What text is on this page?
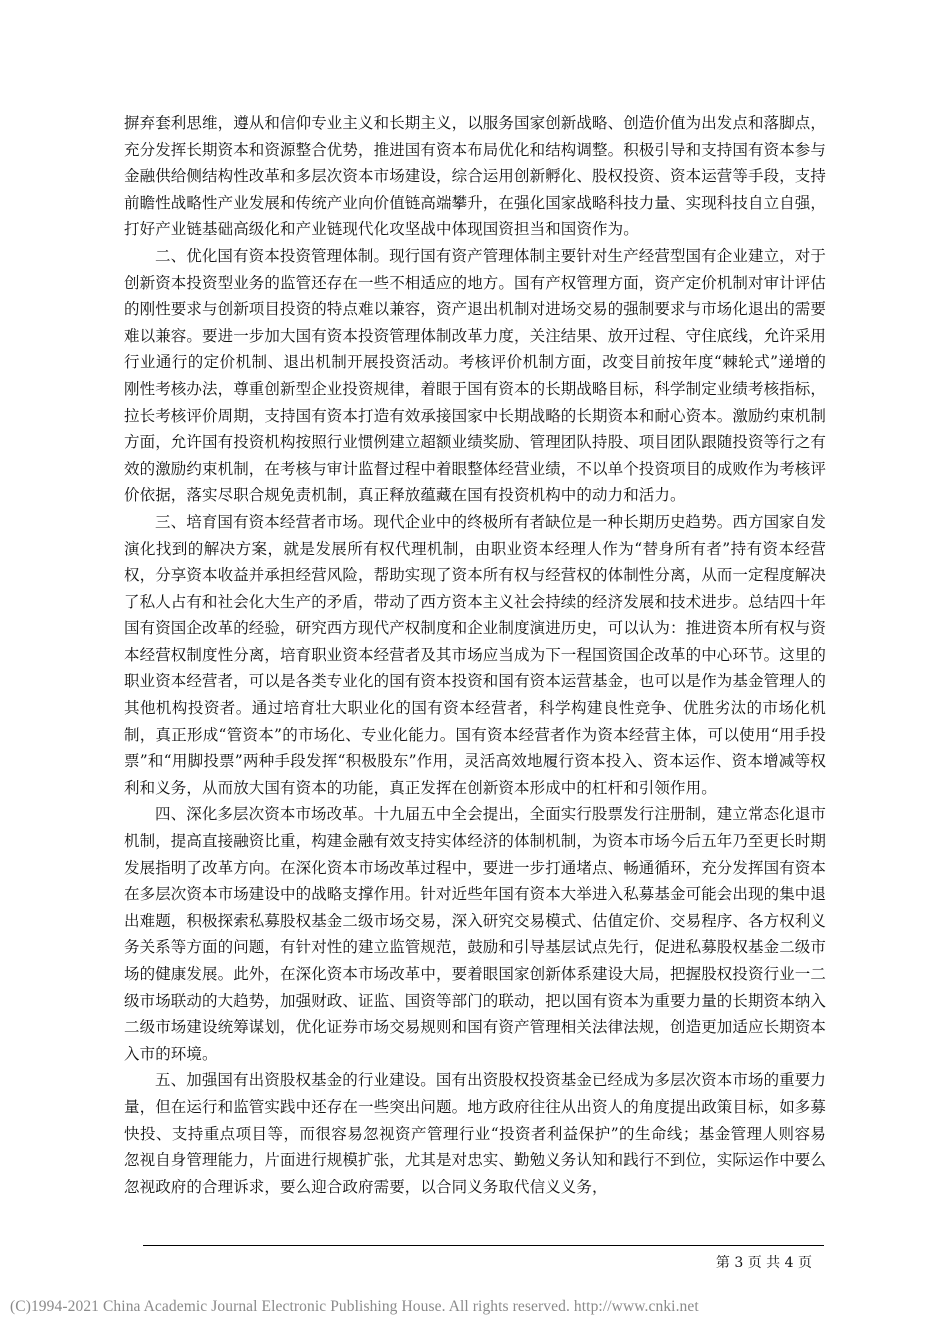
摒弃套利思维，遵从和信仰专业主义和长期主义，以服务国家创新战略、创造价值为出发点和落脚点，充分发挥长期资本和资源整合优势，推进国有资本布局优化和结构调整。积极引导和支持国有资本参与金融供给侧结构性改革和多层次资本市场建设，综合运用创新孵化、股权投资、资本运营等手段，支持前瞻性战略性产业发展和传统产业向价值链高端攀升，在强化国家战略科技力量、实现科技自立自强，打好产业链基础高级化和产业链现代化攻坚战中体现国资担当和国资作为。

二、优化国有资本投资管理体制。现行国有资产管理体制主要针对生产经营型国有企业建立，对于创新资本投资型业务的监管还存在一些不相适应的地方。国有产权管理方面，资产定价机制对审计评估的刚性要求与创新项目投资的特点难以兼容，资产退出机制对进场交易的强制要求与市场化退出的需要难以兼容。要进一步加大国有资本投资管理体制改革力度，关注结果、放开过程、守住底线，允许采用行业通行的定价机制、退出机制开展投资活动。考核评价机制方面，改变目前按年度“棘轮式”递增的刚性考核办法，尊重创新型企业投资规律，着眼于国有资本的长期战略目标，科学制定业绩考核指标，拉长考核评价周期，支持国有资本打造有效承接国家中长期战略的长期资本和耐心资本。激励约束机制方面，允许国有投资机构按照行业惯例建立超额业绩奖励、管理团队持股、项目团队跟随投资等行之有效的激励约束机制，在考核与审计监督过程中着眼整体经营业绩，不以单个投资项目的成败作为考核评价依据，落实尽职合规免责机制，真正释放蕴藏在国有投资机构中的动力和活力。

三、培育国有资本经营者市场。现代企业中的终极所有者缺位是一种长期历史趋势。西方国家自发演化找到的解决方案，就是发展所有权代理机制，由职业资本经理人作为“替身所有者”持有资本经营权，分享资本收益并承担经营风险，帮助实现了资本所有权与经营权的体制性分离，从而一定程度解决了私人占有和社会化大生产的矛盾，带动了西方资本主义社会持续的经济发展和技术进步。总结四十年国有资国企改革的经验，研究西方现代产权制度和企业制度演进历史，可以认为：推进资本所有权与资本经营权制度性分离，培育职业资本经营者及其市场应当成为下一程国资国企改革的中心环节。这里的职业资本经营者，可以是各类专业化的国有资本投资和国有资本运营基金，也可以是作为基金管理人的其他机构投资者。通过培育壮大职业化的国有资本经营者，科学构建良性竞争、优胜劣汰的市场化机制，真正形成“管资本”的市场化、专业化能力。国有资本经营者作为资本经营主体，可以使用“用手投票”和“用脚投票”两种手段发挥“积极股东”作用，灵活高效地履行资本投入、资本运作、资本增减等权利和义务，从而放大国有资本的功能，真正发挥在创新资本形成中的杠杆和引领作用。

四、深化多层次资本市场改革。十九届五中全会提出，全面实行股票发行注册制，建立常态化退市机制，提高直接融资比重，构建金融有效支持实体经济的体制机制，为资本市场今后五年乃至更长时期发展指明了改革方向。在深化资本市场改革过程中，要进一步打通堵点、畅通循环，充分发挥国有资本在多层次资本市场建设中的战略支撑作用。针对近些年国有资本大举进入私募基金可能会出现的集中退出难题，积极探索私募股权基金二级市场交易，深入研究交易模式、估值定价、交易程序、各方权利义务关系等方面的问题，有针对性的建立监管规范，鼓励和引导基层试点先行，促进私募股权基金二级市场的健康发展。此外，在深化资本市场改革中，要着眼国家创新体系建设大局，把握股权投资行业一二级市场联动的大趋势，加强财政、证监、国资等部门的联动，把以国有资本为重要力量的长期资本纳入二级市场建设统筹谋划，优化证券市场交易规则和国有资产管理相关法律法规，创造更加适应长期资本入市的环境。

五、加强国有出资股权基金的行业建设。国有出资股权投资基金已经成为多层次资本市场的重要力量，但在运行和监管实践中还存在一些突出问题。地方政府往往从出资人的角度提出政策目标，如多募快投、支持重点项目等，而很容易忽视资产管理行业“投资者利益保护”的生命线；基金管理人则容易忽视自身管理能力，片面进行规模扩张，尤其是对忠实、勤勉义务认知和践行不到位，实际运作中要么忽视政府的合理诉求，要么迎合政府需要，以合同义务取代信义义务，

第 3 页 共 4 页
(C)1994-2021 China Academic Journal Electronic Publishing House. All rights reserved. http://www.cnki.net
